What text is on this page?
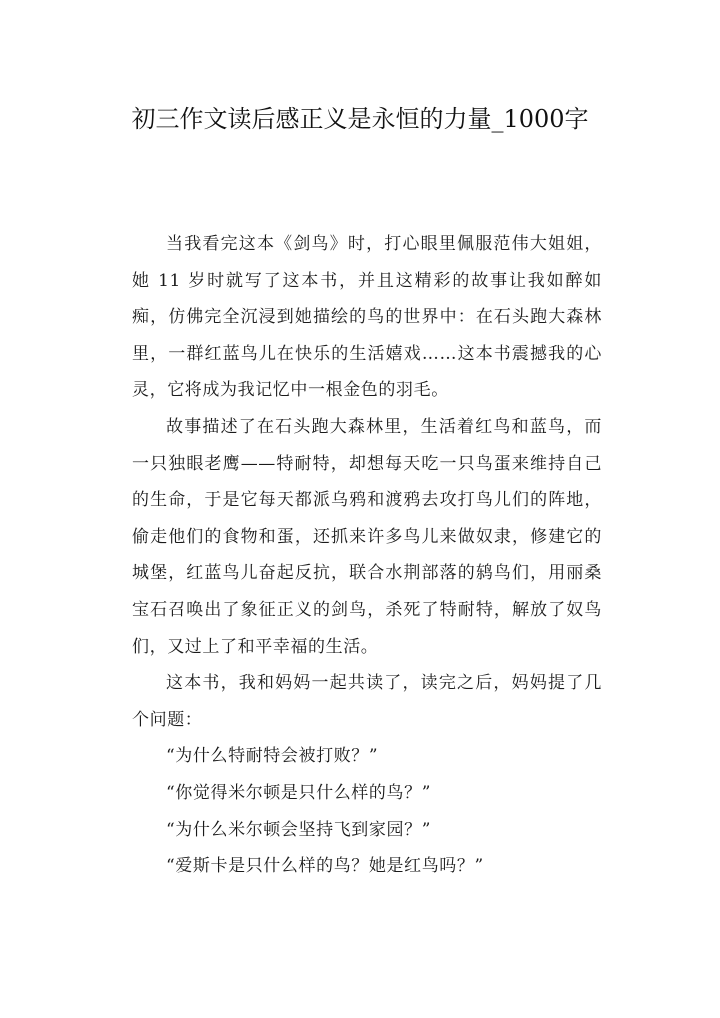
初三作文读后感正义是永恒的力量_1000字

当我看完这本《剑鸟》时，打心眼里佩服范伟大姐姐，她 11 岁时就写了这本书，并且这精彩的故事让我如醉如痴，仿佛完全沉浸到她描绘的鸟的世界中：在石头跑大森林里，一群红蓝鸟儿在快乐的生活嬉戏……这本书震撼我的心灵，它将成为我记忆中一根金色的羽毛。

故事描述了在石头跑大森林里，生活着红鸟和蓝鸟，而一只独眼老鹰——特耐特，却想每天吃一只鸟蛋来维持自己的生命，于是它每天都派乌鸦和渡鸦去攻打鸟儿们的阵地，偷走他们的食物和蛋，还抓来许多鸟儿来做奴隶，修建它的城堡，红蓝鸟儿奋起反抗，联合水荆部落的鸫鸟们，用丽桑宝石召唤出了象征正义的剑鸟，杀死了特耐特，解放了奴鸟们，又过上了和平幸福的生活。

这本书，我和妈妈一起共读了，读完之后，妈妈提了几个问题：

“为什么特耐特会被打败？”

“你觉得米尔顿是只什么样的鸟？”

“为什么米尔顿会坚持飞到家园？”

“爱斯卡是只什么样的鸟？她是红鸟吗？”
